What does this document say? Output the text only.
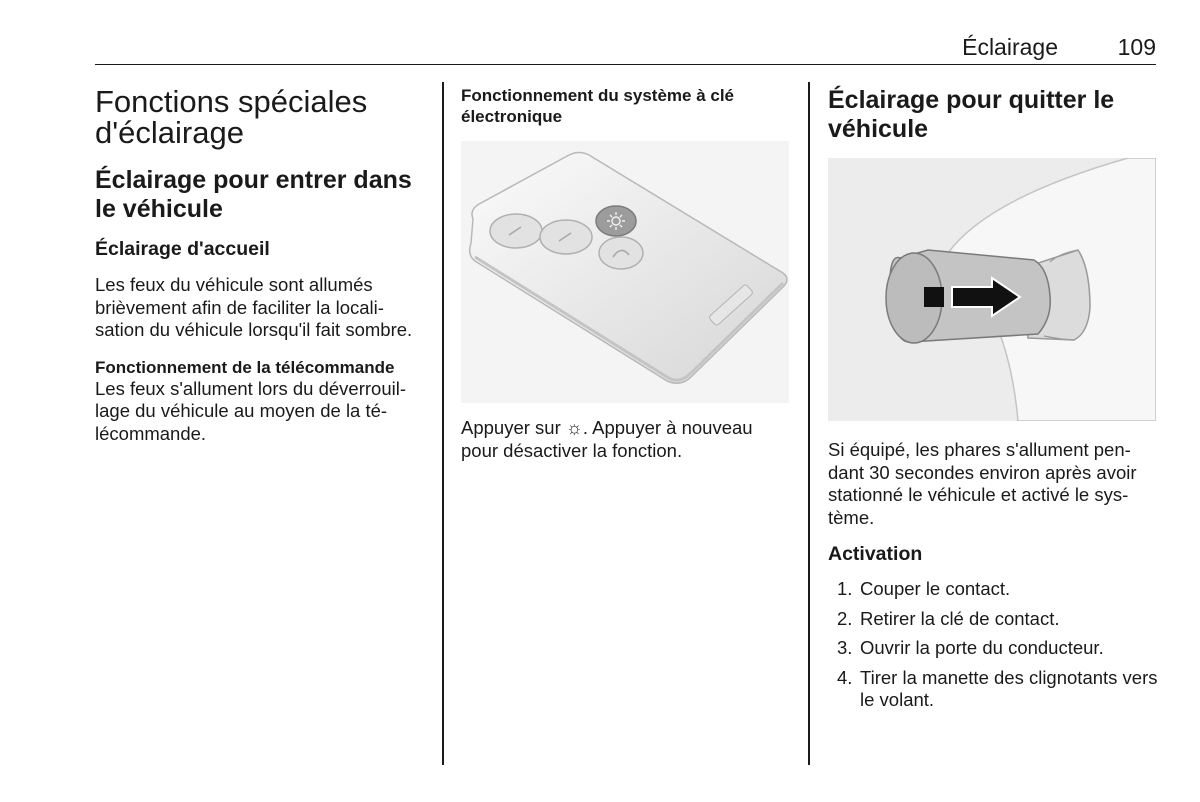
Éclairage	109
Fonctions spéciales d'éclairage
Éclairage pour entrer dans le véhicule
Éclairage d'accueil

Les feux du véhicule sont allumés brièvement afin de faciliter la localisation du véhicule lorsqu'il fait sombre.

Fonctionnement de la télécommande

Les feux s'allument lors du déverrouillage du véhicule au moyen de la télécommande.

Fonctionnement du système à clé électronique

Appuyer sur ☼. Appuyer à nouveau pour désactiver la fonction.

Éclairage pour quitter le véhicule

Si équipé, les phares s'allument pendant 30 secondes environ après avoir stationné le véhicule et activé le système.

Activation
1. Couper le contact.
2. Retirer la clé de contact.
3. Ouvrir la porte du conducteur.
4. Tirer la manette des clignotants vers le volant.
